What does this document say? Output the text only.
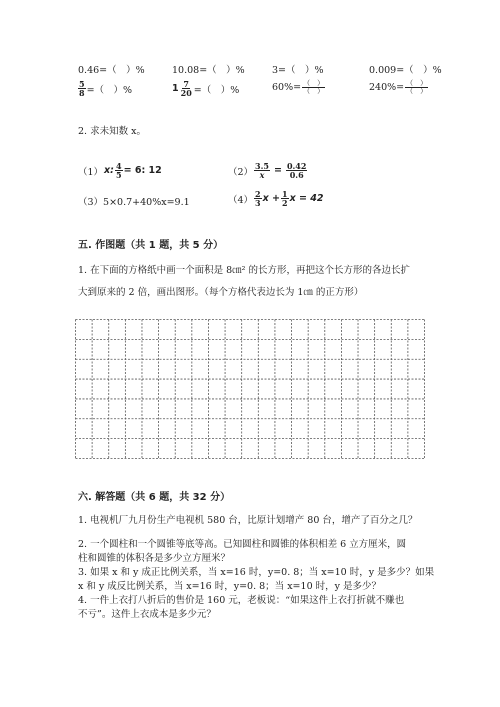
0.46=（　）%	10.08=（　）%	3=（　）%	0.009=（　）%
$\frac{5}{8}$ =（　）%	$1 \frac{7}{20}$ =（　）%	$60\%= \frac{( )}{( )}$	$240\%= \frac{( )}{( )}$
2. 求未知数 x。
（1） x: $\frac{4}{5} = 6$: 12	$(2) \frac{3.5}{x} = \frac{0.42}{0.6}$
（3）5×0.7+40%x=9.1	$(4) \frac{2}{3}$ $x + \frac{1}{2}$ x = 42
五. 作图题（共 1 题，共 5 分）
1. 在下面的方格纸中画一个面积是 8㎝² 的长方形，再把这个长方形的各边长扩
大到原来的 2 倍，画出图形。（每个方格代表边长为 1㎝ 的正方形）
六. 解答题（共 6 题，共 32 分）
1. 电视机厂九月份生产电视机 580 台，比原计划增产 80 台，增产了百分之几？
2. 一个圆柱和一个圆锥等底等高。已知圆柱和圆锥的体积相差 6 立方厘米，圆
柱和圆锥的体积各是多少立方厘米？
3. 如果 x 和 y 成正比例关系，当 x=16 时，y=0. 8；当 x=10 时，y 是多少？如果
x 和 y 成反比例关系，当 x=16 时，y=0. 8；当 x=10 时，y 是多少？
4. 一件上衣打八折后的售价是 160 元，老板说：“如果这件上衣打折就不赚也
不亏”。这件上衣成本是多少元？
